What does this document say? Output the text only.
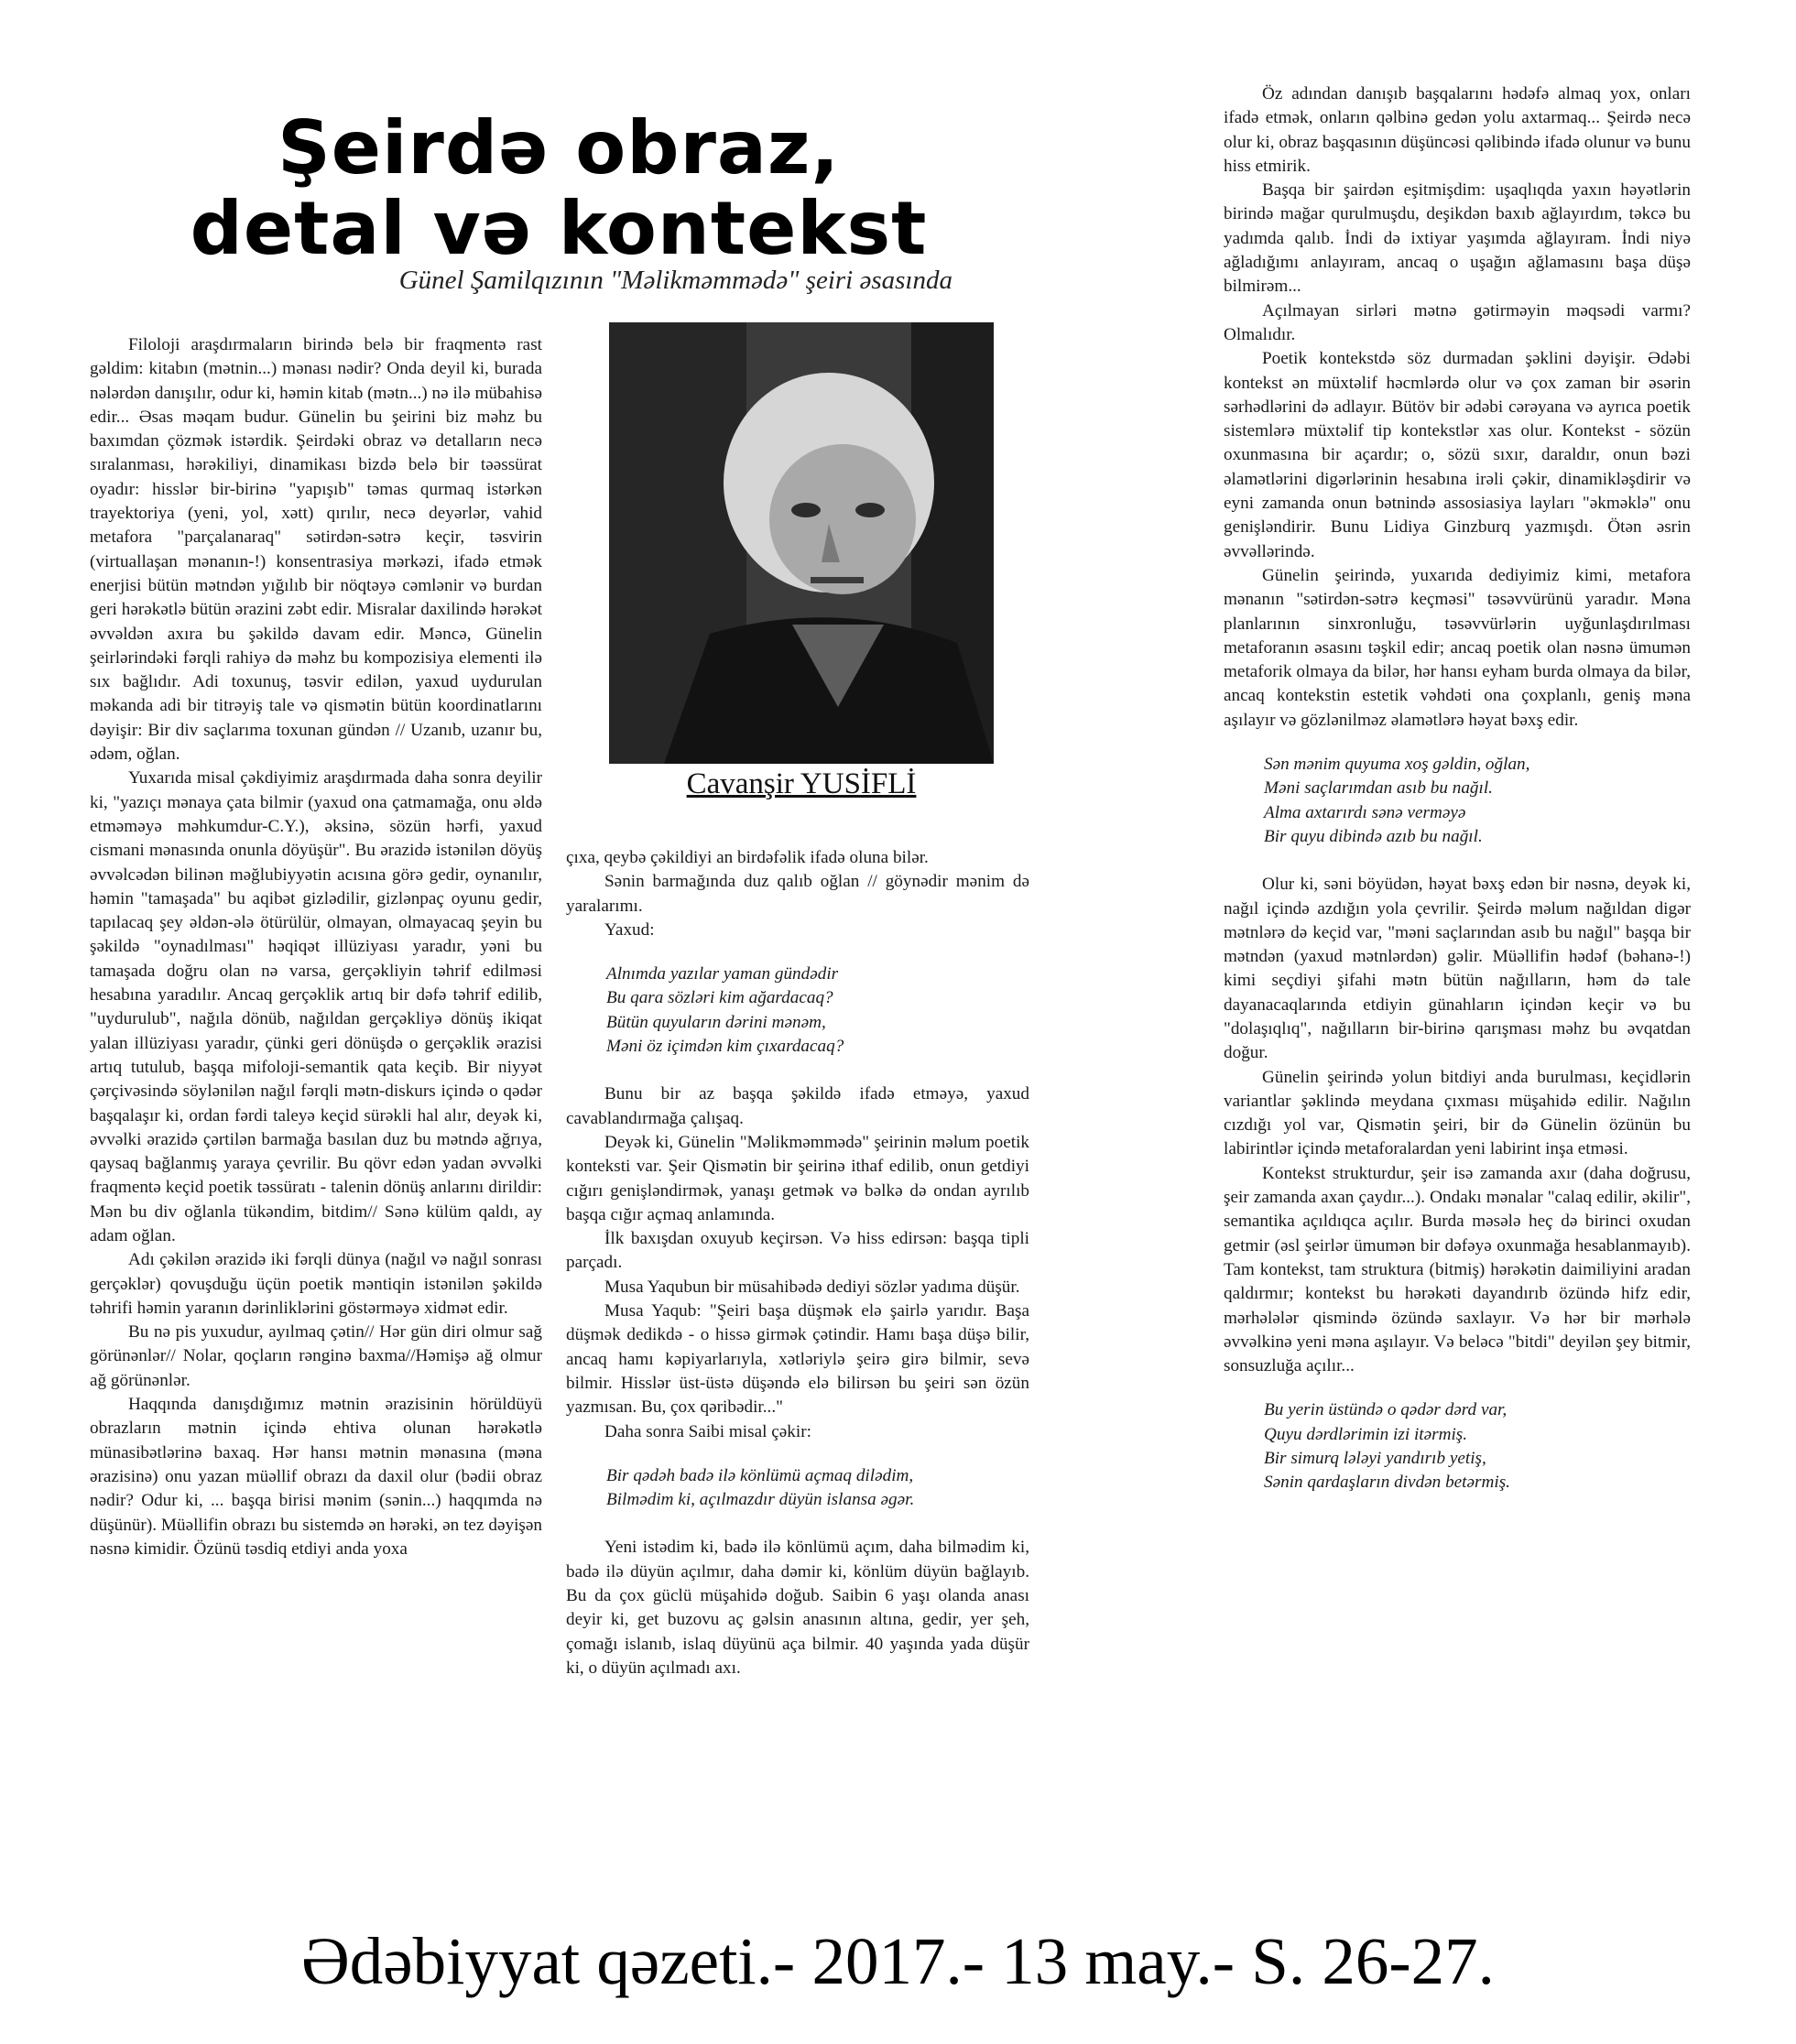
Şeirdə obraz,
detal və kontekst

Günel Şamilqızının "Məlikməmmədə" şeiri əsasında

Filoloji araşdırmaların birində belə bir fraqmentə rast gəldim: kitabın (mətnin...) mənası nədir? Onda deyil ki, burada nələrdən danışılır, odur ki, həmin kitab (mətn...) nə ilə mübahisə edir... Əsas məqam budur. Günelin bu şeirini biz məhz bu baxımdan çözmək istərdik. Şeirdəki obraz və detalların necə sıralanması, hərəkiliyi, dinamikası bizdə belə bir təəssürat oyadır: hisslər bir-birinə "yapışıb" təmas qurmaq istərkən trayektoriya (yeni, yol, xətt) qırılır, necə deyərlər, vahid metafora "parçalanaraq" sətirdən-sətrə keçir, təsvirin (virtuallaşan mənanın-!) konsentrasiya mərkəzi, ifadə etmək enerjisi bütün mətndən yığılıb bir nöqtəyə cəmlənir və burdan geri hərəkətlə bütün ərazini zəbt edir. Misralar daxilində hərəkət əvvəldən axıra bu şəkildə davam edir. Məncə, Günelin şeirlərindəki fərqli rahiyə də məhz bu kompozisiya elementi ilə sıx bağlıdır. Adi toxunuş, təsvir edilən, yaxud uydurulan məkanda adi bir titrəyiş talе və qismətin bütün koordinatlarını dəyişir: Bir div saçlarıma toxunan gündən // Uzanıb, uzanır bu, ədəm, oğlan.

Yuxarıda misal çəkdiyimiz araşdırmada daha sonra deyilir ki, "yazıçı mənaya çata bilmir (yaxud ona çatmamağa, onu əldə etməməyə məhkumdur-C.Y.), əksinə, sözün hərfi, yaxud cismani mənasında onunla döyüşür". Bu ərazidə istənilən döyüş əvvəlcədən bilinən məğlubiyyətin acısına görə gedir, oynanılır, həmin "tamaşada" bu aqibət gizlədilir, gizlənpaç oyunu gedir, tapılacaq şey əldən-ələ ötürülür, olmayan, olmayacaq şeyin bu şəkildə "oynadılması" həqiqət illüziyası yaradır, yəni bu tamaşada doğru olan nə varsa, gerçəkliyin təhrif edilməsi hesabına yaradılır. Ancaq gerçəklik artıq bir dəfə təhrif edilib, "uydurulub", nağıla dönüb, nağıldan gerçəkliyə dönüş ikiqat yalan illüziyası yaradır, çünki geri dönüşdə o gerçəklik ərazisi artıq tutulub, başqa mifoloji-semantik qata keçib. Bir niyyət çərçivəsində söylənilən nağıl fərqli mətn-diskurs içində o qədər başqalaşır ki, ordan fərdi taleyə keçid sürəkli hal alır, deyək ki, əvvəlki ərazidə çərtilən barmağa basılan duz bu mətndə ağrıya, qaysaq bağlanmış yaraya çevrilir. Bu qövr edən yadan əvvəlki fraqmentə keçid poetik təssüratı - talenin dönüş anlarını dirildir: Mən bu div oğlanla tükəndim, bitdim// Sənə külüm qaldı, ay adam oğlan.

Adı çəkilən ərazidə iki fərqli dünya (nağıl və nağıl sonrası gerçəklər) qovuşduğu üçün poetik məntiqin istənilən şəkildə təhrifi həmin yaranın dərinliklərini göstərməyə xidmət edir.

Bu nə pis yuxudur, ayılmaq çətin// Hər gün dirі olmur sağ görünənlər// Nolar, qoçların rənginə baxma//Həmişə ağ olmur ağ görünənlər.

Haqqında danışdığımız mətnin ərazisinin hörüldüyü obrazların mətnin içində ehtiva olunan hərəkətlə münasibətlərinə baxaq. Hər hansı mətnin mənasına (məna ərazisinə) onu yazan müəllif obrazı da daxil olur (bədii obraz nədir? Odur ki, ... başqa birisi mənim (sənin...) haqqımda nə düşünür). Müəllifin obrazı bu sistemdə ən hərəki, ən tez dəyişən nəsnə kimidir. Özünü təsdiq etdiyi anda yoxa

Cavanşir YUSİFLİ

çıxa, qeybə çəkildiyi an birdəfəlik ifadə oluna bilər.

Sənin barmağında duz qalıb oğlan // göynədir mənim də yaralarımı.

Yaxud:

Alnımda yazılar yaman gündədir

Bu qara sözləri kim ağardacaq?

Bütün quyuların dərini mənəm,

Məni öz içimdən kim çıxardacaq?

Bunu bir az başqa şəkildə ifadə etməyə, yaxud cavablandırmağa çalışaq.

Deyək ki, Günelin "Məlikməmmədə" şeirinin məlum poetik konteksti var. Şeir Qismətin bir şeirinə ithaf edilib, onun getdiyi cığırı genişləndirmək, yanaşı getmək və bəlkə də ondan ayrılıb başqa cığır açmaq anlamında.

İlk baxışdan oxuyub keçirsən. Və hiss edirsən: başqa tipli parçadı.

Musa Yaqubun bir müsahibədə dediyi sözlər yadıma düşür.

Musa Yaqub: "Şeiri başa düşmək elə şairlə yarıdır. Başa düşmək dedikdə - o hissə girmək çətindir. Hamı başa düşə bilir, ancaq hamı kəpiyarlarıyla, xətləriylə şeirə girə bilmir, sevə bilmir. Hisslər üst-üstə düşəndə elə bilirsən bu şeiri sən özün yazmısan. Bu, çox qəribədir..."

Daha sonra Saibi misal çəkir:

Bir qədəh badə ilə könlümü açmaq dilədim,

Bilmədim ki, açılmazdır düyün islansa əgər.

Yeni istədim ki, badə ilə könlümü açım, daha bilmədim ki, badə ilə düyün açılmır, daha dəmir ki, könlüm düyün bağlayıb. Bu da çox güclü müşahidə doğub. Saibin 6 yaşı olanda anası deyir ki, get buzovu aç gəlsin anasının altına, gedir, yer şeh, çomağı islanıb, islaq düyünü aça bilmir. 40 yaşında yada düşür ki, o düyün açılmadı axı.

Öz adından danışıb başqalarını hədəfə almaq yox, onları ifadə etmək, onların qəlbinə gedən yolu axtarmaq... Şeirdə necə olur ki, obraz başqasının düşüncəsi qəlibində ifadə olunur və bunu hiss etmirik.

Başqa bir şairdən eşitmişdim: uşaqlıqda yaxın həyətlərin birində mağar qurulmuşdu, deşikdən baxıb ağlayırdım, təkcə bu yadımda qalıb. İndi də ixtiyar yaşımda ağlayıram. İndi niyə ağladığımı anlayıram, ancaq o uşağın ağlamasını başa düşə bilmirəm...

Açılmayan sirləri mətnə gətirməyin məqsədi varmı? Olmalıdır.

Poetik kontekstdə söz durmadan şəklini dəyişir. Ədəbi kontekst ən müxtəlif həcmlərdə olur və çox zaman bir əsərin sərhədlərini də adlayır. Bütöv bir ədəbi cərəyana və ayrıca poetik sistemlərə müxtəlif tip kontekstlər xas olur. Kontekst - sözün oxunmasına bir açardır; o, sözü sıxır, daraldır, onun bəzi əlamətlərini digərlərinin hesabına irəli çəkir, dinamikləşdirir və eyni zamanda onun bətnində assosiasiya layları "əkməklə" onu genişləndirir. Bunu Lidiya Ginzburq yazmışdı. Ötən əsrin əvvəllərində.

Günelin şeirində, yuxarıda dediyimiz kimi, metafora mənanın "sətirdən-sətrə keçməsi" təsəvvürünü yaradır. Məna planlarının sinxronluğu, təsəvvürlərin uyğunlaşdırılması metaforanın əsasını təşkil edir; ancaq poetik olan nəsnə ümumən metaforik olmaya da bilər, hər hansı eyham burda olmaya da bilər, ancaq kontekstin estetik vəhdəti ona çoxplanlı, geniş məna aşılayır və gözlənilməz əlamətlərə həyat bəxş edir.

Sən mənim quyuma xoş gəldin, oğlan,

Məni saçlarımdan asıb bu nağıl.

Alma axtarırdı sənə verməyə

Bir quyu dibində azıb bu nağıl.

Olur ki, səni böyüdən, həyat bəxş edən bir nəsnə, deyək ki, nağıl içində azdığın yola çevrilir. Şeirdə məlum nağıldan digər mətnlərə də keçid var, "məni saçlarından asıb bu nağıl" başqa bir mətndən (yaxud mətnlərdən) gəlir. Müəllifin hədəf (bəhanə-!) kimi seçdiyi şifahi mətn bütün nağılların, həm də talе dayanacaqlarında etdiyin günahların içindən keçir və bu "dolaşıqlıq", nağılların bir-birinə qarışması məhz bu əvqatdan doğur.

Günelin şeirində yolun bitdiyi anda burulması, keçidlərin variantlar şəklində meydana çıxması müşahidə edilir. Nağılın cızdığı yol var, Qismətin şeiri, bir də Günelin özünün bu labirintlər içində metaforalardan yeni labirint inşa etməsi.

Kontekst strukturdur, şeir isə zamanda axır (daha doğrusu, şeir zamanda axan çaydır...). Ondakı mənalar "calaq edilir, əkilir", semantika açıldıqca açılır. Burda məsələ heç də birinci oxudan getmir (əsl şeirlər ümumən bir dəfəyə oxunmağa hesablanmayıb). Tam kontekst, tam struktura (bitmiş) hərəkətin daimiliyini aradan qaldırmır; kontekst bu hərəkəti dayandırıb özündə hifz edir, mərhələlər qismində özündə saxlayır. Və hər bir mərhələ əvvəlkinə yeni məna aşılayır. Və beləcə "bitdi" deyilən şey bitmir, sonsuzluğa açılır...

Bu yerin üstündə o qədər dərd var,

Quyu dərdlərimin izi itərmiş.

Bir simurq lələyi yandırıb yetiş,

Sənin qardaşların divdən betərmiş.

Ədəbiyyat qəzeti.- 2017.- 13 may.- S. 26-27.
